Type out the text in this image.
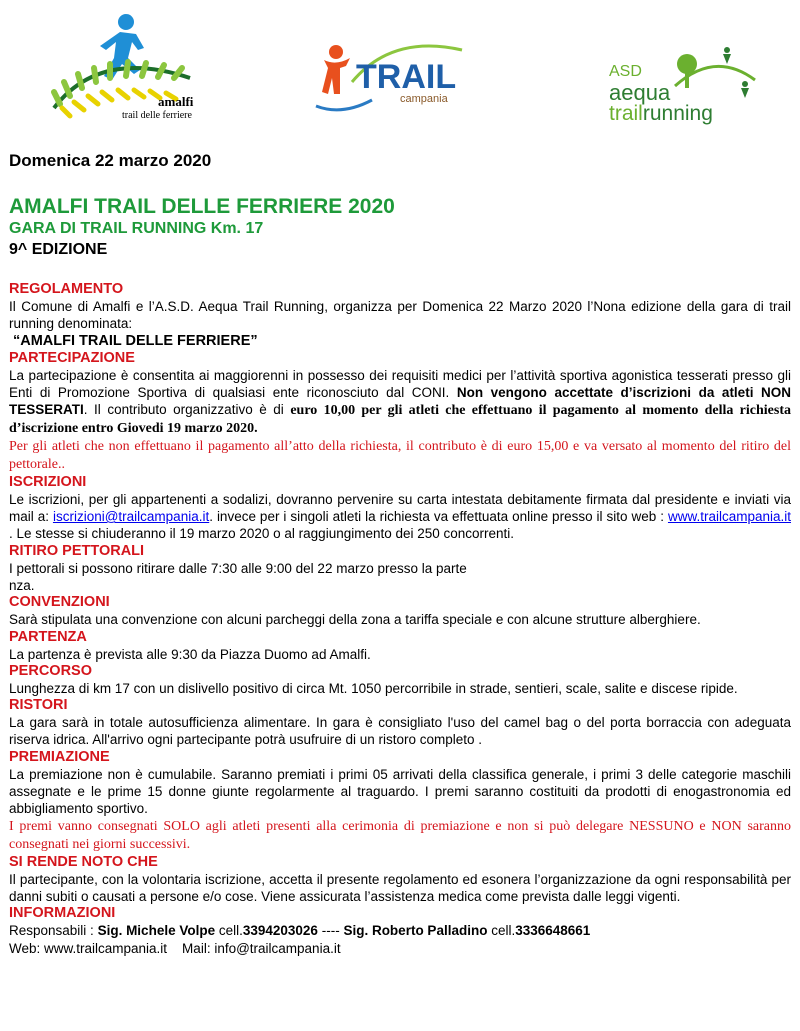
amalfi
trail delle ferriere
TRAIL
campania
ASD
aequa
trailrunning
Domenica 22 marzo 2020
AMALFI TRAIL DELLE FERRIERE 2020
GARA DI TRAIL RUNNING Km. 17
9^ EDIZIONE
REGOLAMENTO

Il Comune di Amalfi e l’A.S.D. Aequa Trail Running, organizza per Domenica 22 Marzo 2020 l’Nona edizione della gara di trail running denominata:

“AMALFI TRAIL DELLE FERRIERE”
PARTECIPAZIONE

La partecipazione è consentita ai maggiorenni in possesso dei requisiti medici per l’attività sportiva agonistica tesserati presso gli Enti di Promozione Sportiva di qualsiasi ente riconosciuto dal CONI. Non vengono accettate d’iscrizioni da atleti NON TESSERATI. Il contributo organizzativo è di euro 10,00 per gli atleti che effettuano il pagamento al momento della richiesta d’iscrizione entro Giovedi 19 marzo 2020.

Per gli atleti che non effettuano il pagamento all’atto della richiesta, il contributo è di euro 15,00 e va versato al momento del ritiro del pettorale..

ISCRIZIONI

Le iscrizioni, per gli appartenenti a sodalizi, dovranno pervenire su carta intestata debitamente firmata dal presidente e inviati via mail a: iscrizioni@trailcampania.it. invece per i singoli atleti la richiesta va effettuata online presso il sito web : www.trailcampania.it . Le stesse si chiuderanno il 19 marzo 2020 o al raggiungimento dei 250 concorrenti.

RITIRO PETTORALI

I pettorali si possono ritirare dalle 7:30 alle 9:00 del 22 marzo presso la parte

nza.

CONVENZIONI

Sarà stipulata una convenzione con alcuni parcheggi della zona a tariffa speciale e con alcune strutture alberghiere.

PARTENZA

La partenza è prevista alle 9:30 da Piazza Duomo ad Amalfi.

PERCORSO

Lunghezza di km 17 con un dislivello positivo di circa Mt. 1050 percorribile in strade, sentieri, scale, salite e discese ripide.

RISTORI

La gara sarà in totale autosufficienza alimentare. In gara è consigliato l'uso del camel bag o del porta borraccia con adeguata riserva idrica. All'arrivo ogni partecipante potrà usufruire di un ristoro completo .

PREMIAZIONE

La premiazione non è cumulabile. Saranno premiati i primi 05 arrivati della classifica generale, i primi 3 delle categorie maschili assegnate e le prime 15 donne giunte regolarmente al traguardo. I premi saranno costituiti da prodotti di enogastronomia ed abbigliamento sportivo.

I premi vanno consegnati SOLO agli atleti presenti alla cerimonia di premiazione e non si può delegare NESSUNO e NON saranno consegnati nei giorni successivi.

SI RENDE NOTO CHE

Il partecipante, con la volontaria iscrizione, accetta il presente regolamento ed esonera l’organizzazione da ogni responsabilità per danni subiti o causati a persone e/o cose. Viene assicurata l’assistenza medica come prevista dalle leggi vigenti.

INFORMAZIONI

Responsabili : Sig. Michele Volpe cell.3394203026 ---- Sig. Roberto Palladino cell.3336648661

Web: www.trailcampania.it    Mail: info@trailcampania.it
